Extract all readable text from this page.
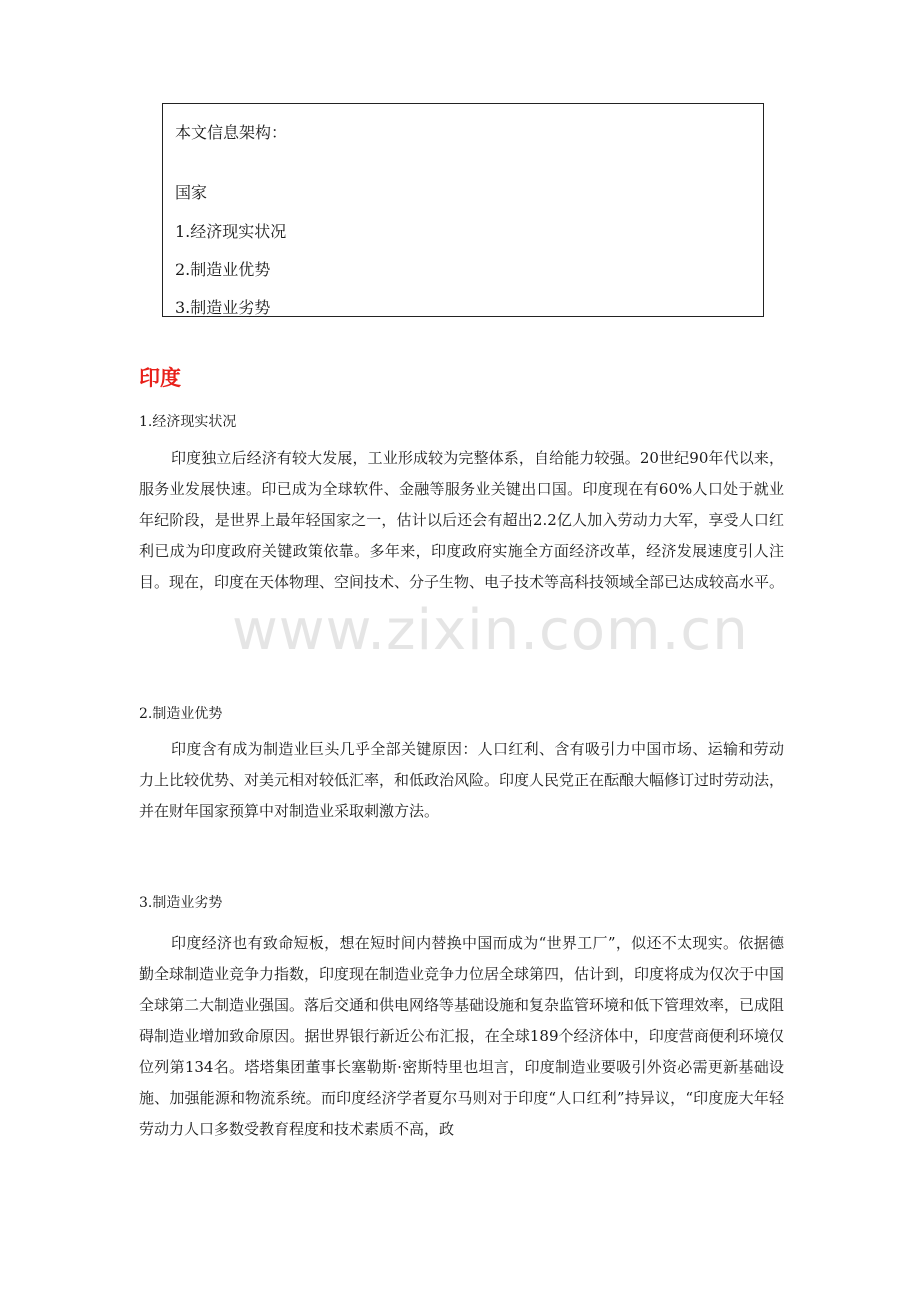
本文信息架构：
国家
1.经济现实状况
2.制造业优势
3.制造业劣势
印度
1.经济现实状况

印度独立后经济有较大发展，工业形成较为完整体系，自给能力较强。20世纪90年代以来，服务业发展快速。印已成为全球软件、金融等服务业关键出口国。印度现在有60%人口处于就业年纪阶段，是世界上最年轻国家之一，估计以后还会有超出2.2亿人加入劳动力大军，享受人口红利已成为印度政府关键政策依靠。多年来，印度政府实施全方面经济改革，经济发展速度引人注目。现在，印度在天体物理、空间技术、分子生物、电子技术等高科技领域全部已达成较高水平。

2.制造业优势

印度含有成为制造业巨头几乎全部关键原因：人口红利、含有吸引力中国市场、运输和劳动力上比较优势、对美元相对较低汇率，和低政治风险。印度人民党正在酝酿大幅修订过时劳动法，并在财年国家预算中对制造业采取刺激方法。

3.制造业劣势

印度经济也有致命短板，想在短时间内替换中国而成为“世界工厂”，似还不太现实。依据德勤全球制造业竞争力指数，印度现在制造业竞争力位居全球第四，估计到，印度将成为仅次于中国全球第二大制造业强国。落后交通和供电网络等基础设施和复杂监管环境和低下管理效率，已成阻碍制造业增加致命原因。据世界银行新近公布汇报，在全球189个经济体中，印度营商便利环境仅位列第134名。塔塔集团董事长塞勒斯·密斯特里也坦言，印度制造业要吸引外资必需更新基础设施、加强能源和物流系统。而印度经济学者夏尔马则对于印度“人口红利”持异议，“印度庞大年轻劳动力人口多数受教育程度和技术素质不高，政

www.zixin.com.cn
